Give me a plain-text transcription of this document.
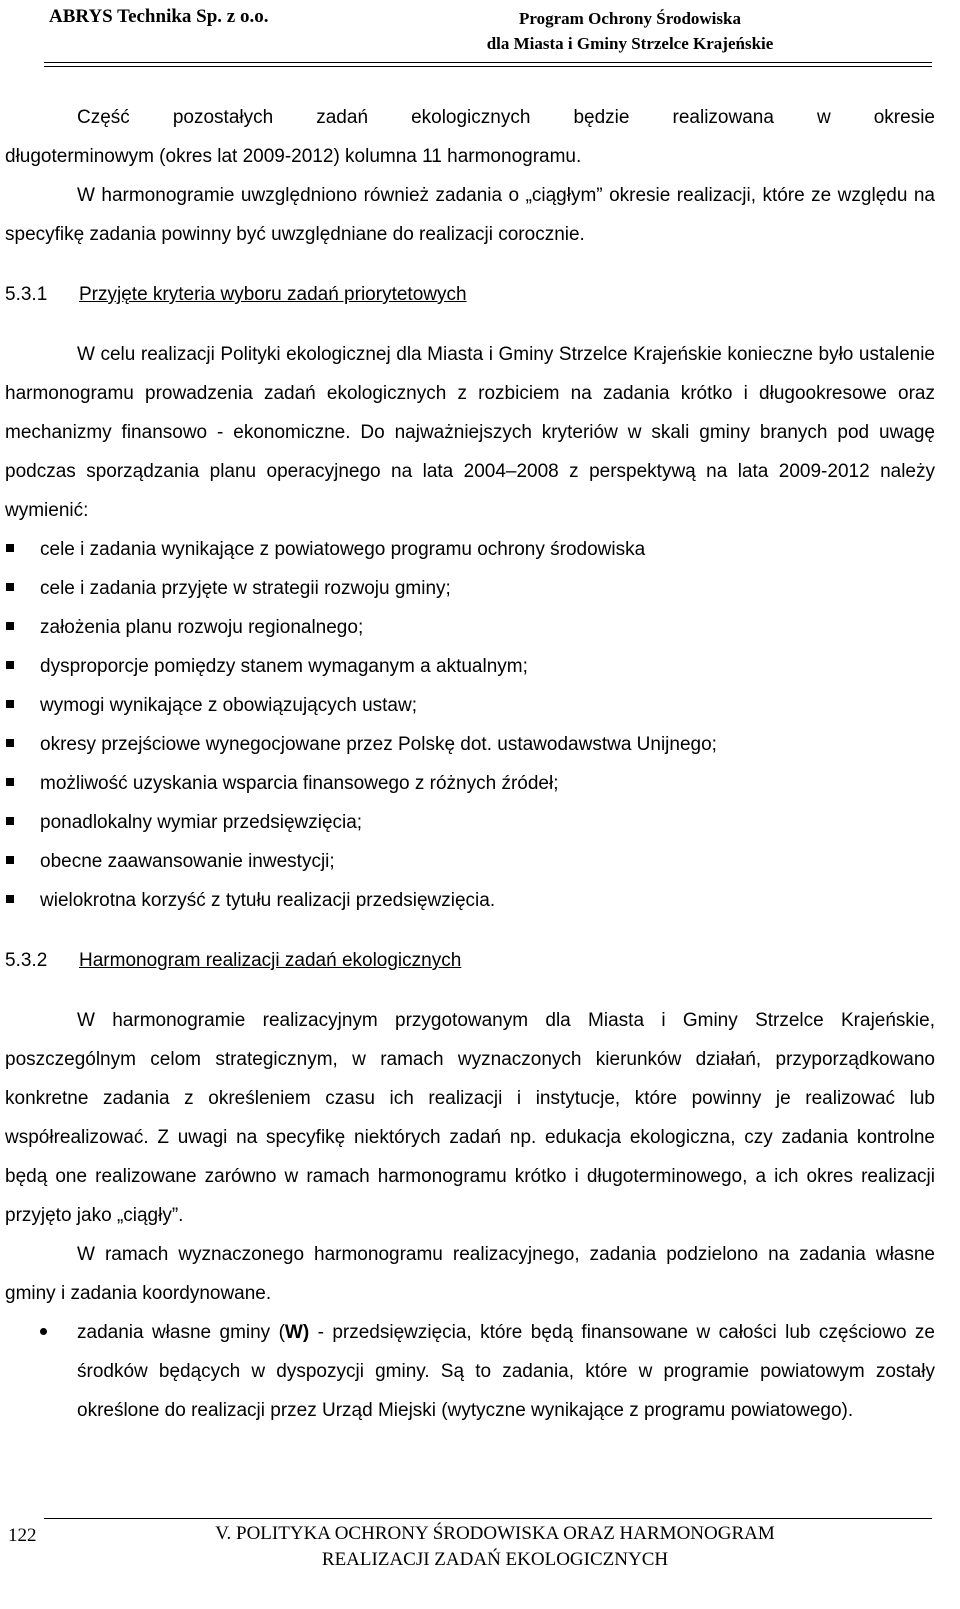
ABRYS Technika Sp. z o.o.	Program Ochrony Środowiska
dla Miasta i Gminy Strzelce Krajeńskie

Część pozostałych zadań ekologicznych będzie realizowana w okresie

długoterminowym (okres lat 2009-2012) kolumna 11 harmonogramu.

W harmonogramie uwzględniono również zadania o „ciągłym” okresie realizacji, które ze względu na specyfikę zadania powinny być uwzględniane do realizacji corocznie.

5.3.1 Przyjęte kryteria wyboru zadań priorytetowych

W celu realizacji Polityki ekologicznej dla Miasta i Gminy Strzelce Krajeńskie konieczne było ustalenie harmonogramu prowadzenia zadań ekologicznych z rozbiciem na zadania krótko i długookresowe oraz mechanizmy finansowo - ekonomiczne. Do najważniejszych kryteriów w skali gminy branych pod uwagę podczas sporządzania planu operacyjnego na lata 2004–2008 z perspektywą na lata 2009-2012 należy wymienić:

cele i zadania wynikające z powiatowego programu ochrony środowiska
cele i zadania przyjęte w strategii rozwoju gminy;
założenia planu rozwoju regionalnego;
dysproporcje pomiędzy stanem wymaganym a aktualnym;
wymogi wynikające z obowiązujących ustaw;
okresy przejściowe wynegocjowane przez Polskę dot. ustawodawstwa Unijnego;
możliwość uzyskania wsparcia finansowego z różnych źródeł;
ponadlokalny wymiar przedsięwzięcia;
obecne zaawansowanie inwestycji;
wielokrotna korzyść z tytułu realizacji przedsięwzięcia.

5.3.2 Harmonogram realizacji zadań ekologicznych

W harmonogramie realizacyjnym przygotowanym dla Miasta i Gminy Strzelce Krajeńskie, poszczególnym celom strategicznym, w ramach wyznaczonych kierunków działań, przyporządkowano konkretne zadania z określeniem czasu ich realizacji i instytucje, które powinny je realizować lub współrealizować. Z uwagi na specyfikę niektórych zadań np. edukacja ekologiczna, czy zadania kontrolne będą one realizowane zarówno w ramach harmonogramu krótko i długoterminowego, a ich okres realizacji przyjęto jako „ciągły”.

W ramach wyznaczonego harmonogramu realizacyjnego, zadania podzielono na zadania własne gminy i zadania koordynowane.

zadania własne gminy (W) - przedsięwzięcia, które będą finansowane w całości lub częściowo ze środków będących w dyspozycji gminy. Są to zadania, które w programie powiatowym zostały określone do realizacji przez Urząd Miejski (wytyczne wynikające z programu powiatowego).
122	V. POLITYKA OCHRONY ŚRODOWISKA ORAZ HARMONOGRAM
REALIZACJI ZADAŃ EKOLOGICZNYCH
